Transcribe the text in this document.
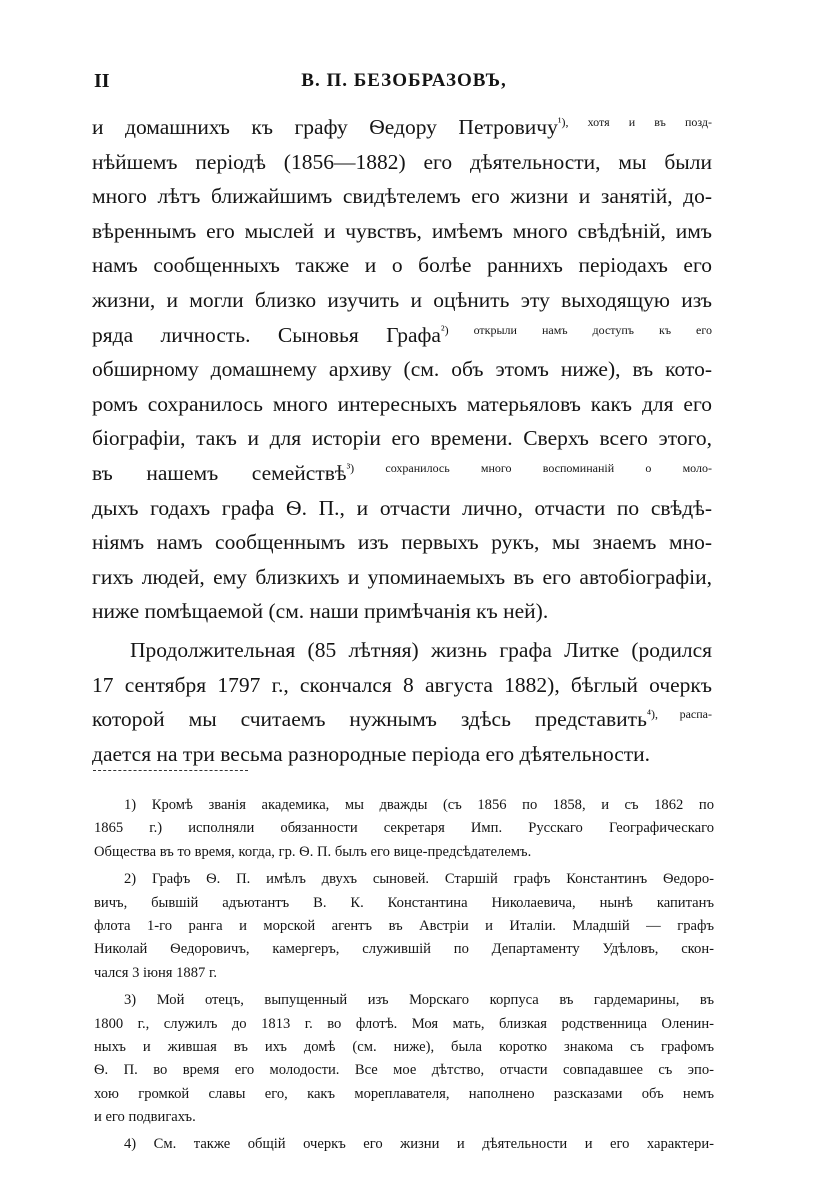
II	В. П. БЕЗОБРАЗОВЪ,
и домашнихъ къ графу Ѳедору Петровичу$^{^1), хотя и въ позд-}$
нѣйшемъ періодѣ (1856—1882) его дѣятельности, мы были
много лѣтъ ближайшимъ свидѣтелемъ его жизни и занятій, до-
вѣреннымъ его мыслей и чувствъ, имѣемъ много свѣдѣній, имъ
намъ сообщенныхъ также и о болѣе раннихъ періодахъ его
жизни, и могли близко изучить и оцѣнить эту выходящую изъ
ряда личность. Сыновья Графа$^{^2) открыли намъ доступъ къ его}$
обширному домашнему архиву (см. объ этомъ ниже), въ кото-
ромъ сохранилось много интересныхъ матерьяловъ какъ для его
біографіи, такъ и для исторіи его времени. Сверхъ всего этого,
въ нашемъ семействѣ$^{^3) сохранилось много воспоминаній о моло-}$
дыхъ годахъ графа Ѳ. П., и отчасти лично, отчасти по свѣдѣ-
ніямъ намъ сообщеннымъ изъ первыхъ рукъ, мы знаемъ мно-
гихъ людей, ему близкихъ и упоминаемыхъ въ его автобіографіи,
ниже помѣщаемой (см. наши примѣчанія къ ней).
Продолжительная (85 лѣтняя) жизнь графа Литке (родился
17 сентября 1797 г., скончался 8 августа 1882), бѣглый очеркъ
которой мы считаемъ нужнымъ здѣсь представить$^{^4), распа-}$
дается на три весьма разнородные періода его дѣятельности.
1) Кромѣ званія академика, мы дважды (съ 1856 по 1858, и съ 1862 по
1865 г.) исполняли обязанности секретаря Имп. Русскаго Географическаго
Общества въ то время, когда, гр. Ѳ. П. былъ его вице-предсѣдателемъ.
2) Графъ Ѳ. П. имѣлъ двухъ сыновей. Старшій графъ Константинъ Ѳедоро-
вичъ, бывшій адъютантъ В. К. Константина Николаевича, нынѣ капитанъ
флота 1-го ранга и морской агентъ въ Австріи и Италіи. Младшій — графъ
Николай Ѳедоровичъ, камергеръ, служившій по Департаменту Удѣловъ, скон-
чался 3 іюня 1887 г.
3) Мой отецъ, выпущенный изъ Морскаго корпуса въ гардемарины, въ
1800 г., служилъ до 1813 г. во флотѣ. Моя мать, близкая родственница Оленин-
ныхъ и жившая въ ихъ домѣ (см. ниже), была коротко знакома съ графомъ
Ѳ. П. во время его молодости. Все мое дѣтство, отчасти совпадавшее съ эпо-
хою громкой славы его, какъ мореплавателя, наполнено разсказами объ немъ
и его подвигахъ.
4) См. также общій очеркъ его жизни и дѣятельности и его характери-
